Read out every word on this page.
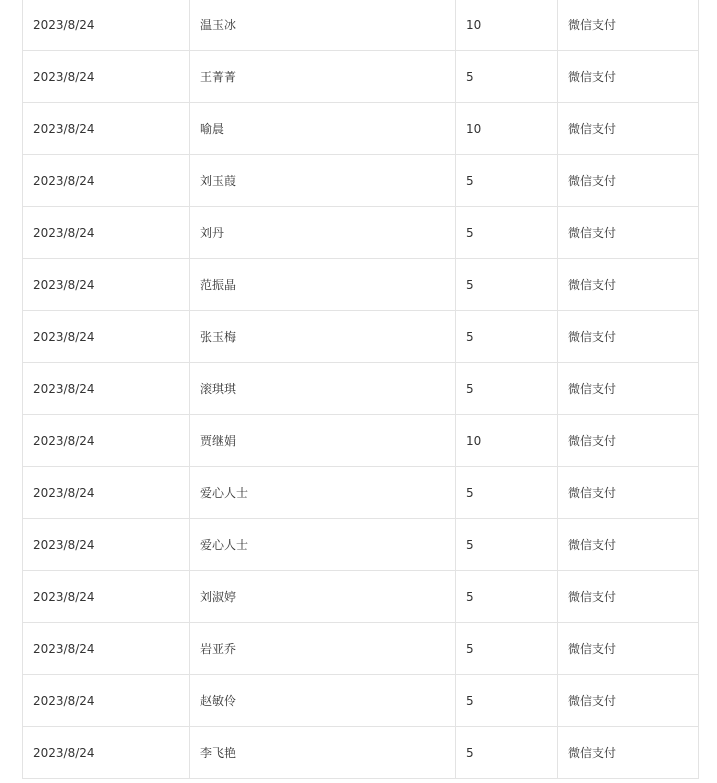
2023/8/24	温玉冰	10	微信支付
2023/8/24	王菁菁	5	微信支付
2023/8/24	喻晨	10	微信支付
2023/8/24	刘玉葭	5	微信支付
2023/8/24	刘丹	5	微信支付
2023/8/24	范振晶	5	微信支付
2023/8/24	张玉梅	5	微信支付
2023/8/24	滚琪琪	5	微信支付
2023/8/24	贾继娟	10	微信支付
2023/8/24	爱心人士	5	微信支付
2023/8/24	爱心人士	5	微信支付
2023/8/24	刘淑婷	5	微信支付
2023/8/24	岩亚乔	5	微信支付
2023/8/24	赵敏伶	5	微信支付
2023/8/24	李飞艳	5	微信支付
